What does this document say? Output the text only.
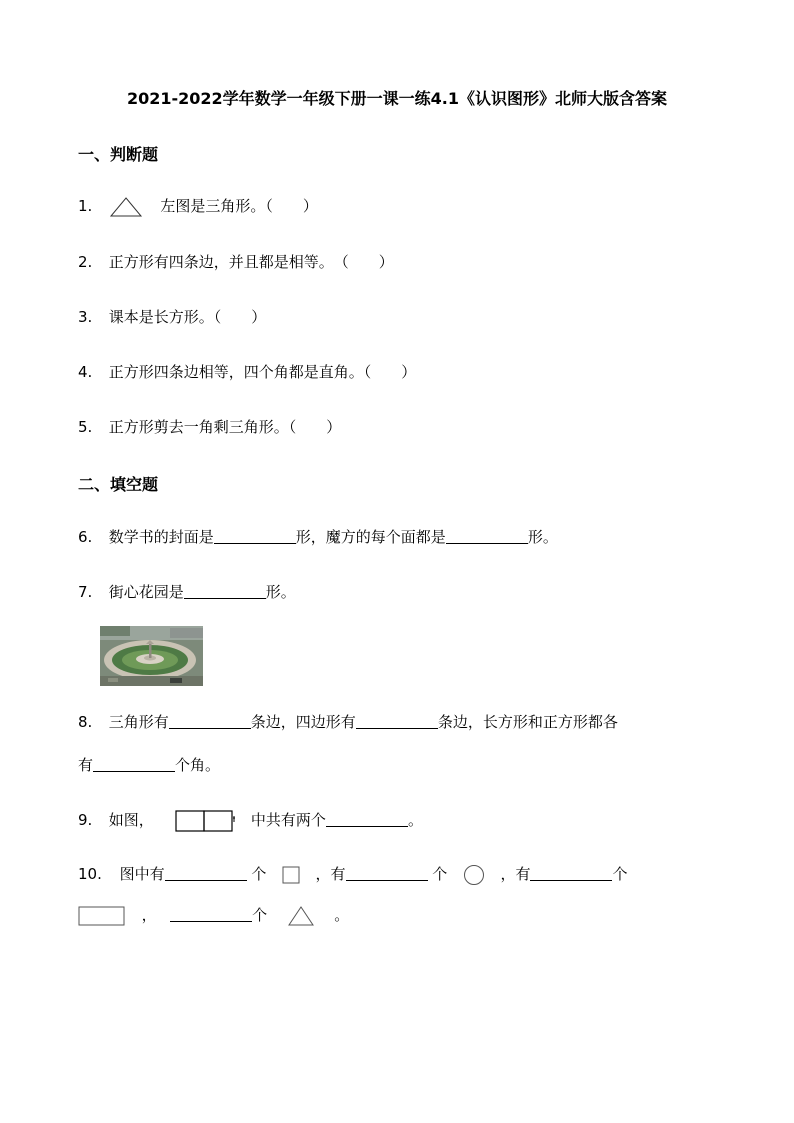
2021-2022学年数学一年级下册一课一练4.1《认识图形》北师大版含答案
一、判断题
1.	左图是三角形。（　　）
2. 正方形有四条边，并且都是相等。　（　　）
3. 课本是长方形。（　　）
4. 正方形四条边相等，四个角都是直角。（　　）
5. 正方形剪去一角剩三角形。（　　）
二、填空题
6. 数学书的封面是	形，魔方的每个面都是	形。
7. 街心花园是	形。
8. 三角形有	条边，四边形有	条边，长方形和正方形都各
有	个角。
9. 如图，	中共有两个	。
10. 图中有	个	，有	个	，有	个
，	个	。
